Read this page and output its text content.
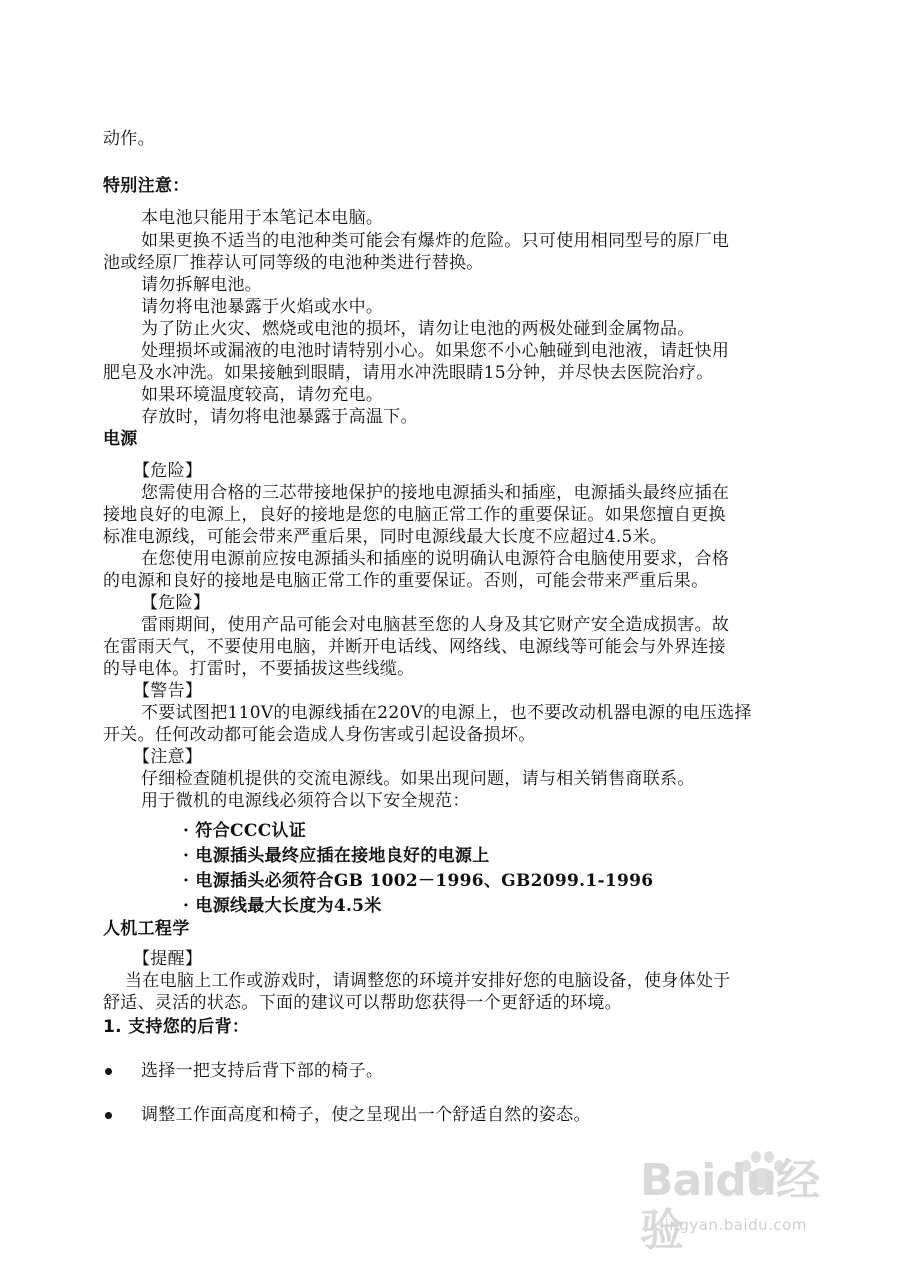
动作。
特别注意：
本电池只能用于本笔记本电脑。
如果更换不适当的电池种类可能会有爆炸的危险。只可使用相同型号的原厂电
池或经原厂推荐认可同等级的电池种类进行替换。
请勿拆解电池。
请勿将电池暴露于火焰或水中。
为了防止火灾、燃烧或电池的损坏，请勿让电池的两极处碰到金属物品。
处理损坏或漏液的电池时请特别小心。如果您不小心触碰到电池液，请赶快用
肥皂及水冲洗。如果接触到眼睛，请用水冲洗眼睛15分钟，并尽快去医院治疗。
如果环境温度较高，请勿充电。
存放时，请勿将电池暴露于高温下。
电源
【危险】
您需使用合格的三芯带接地保护的接地电源插头和插座，电源插头最终应插在
接地良好的电源上，良好的接地是您的电脑正常工作的重要保证。如果您擅自更换
标准电源线，可能会带来严重后果，同时电源线最大长度不应超过4.5米。
在您使用电源前应按电源插头和插座的说明确认电源符合电脑使用要求，合格
的电源和良好的接地是电脑正常工作的重要保证。否则，可能会带来严重后果。
【危险】
雷雨期间，使用产品可能会对电脑甚至您的人身及其它财产安全造成损害。故
在雷雨天气，不要使用电脑，并断开电话线、网络线、电源线等可能会与外界连接
的导电体。打雷时，不要插拔这些线缆。
【警告】
不要试图把110V的电源线插在220V的电源上，也不要改动机器电源的电压选择
开关。任何改动都可能会造成人身伤害或引起设备损坏。
【注意】
仔细检查随机提供的交流电源线。如果出现问题，请与相关销售商联系。
用于微机的电源线必须符合以下安全规范：
· 符合CCC认证
· 电源插头最终应插在接地良好的电源上
· 电源插头必须符合GB 1002－1996、GB2099.1-1996
· 电源线最大长度为4.5米
人机工程学
【提醒】
当在电脑上工作或游戏时，请调整您的环境并安排好您的电脑设备，使身体处于
舒适、灵活的状态。下面的建议可以帮助您获得一个更舒适的环境。
1. 支持您的后背：
选择一把支持后背下部的椅子。
调整工作面高度和椅子，使之呈现出一个舒适自然的姿态。
Baidu经验
jingyan.baidu.com
